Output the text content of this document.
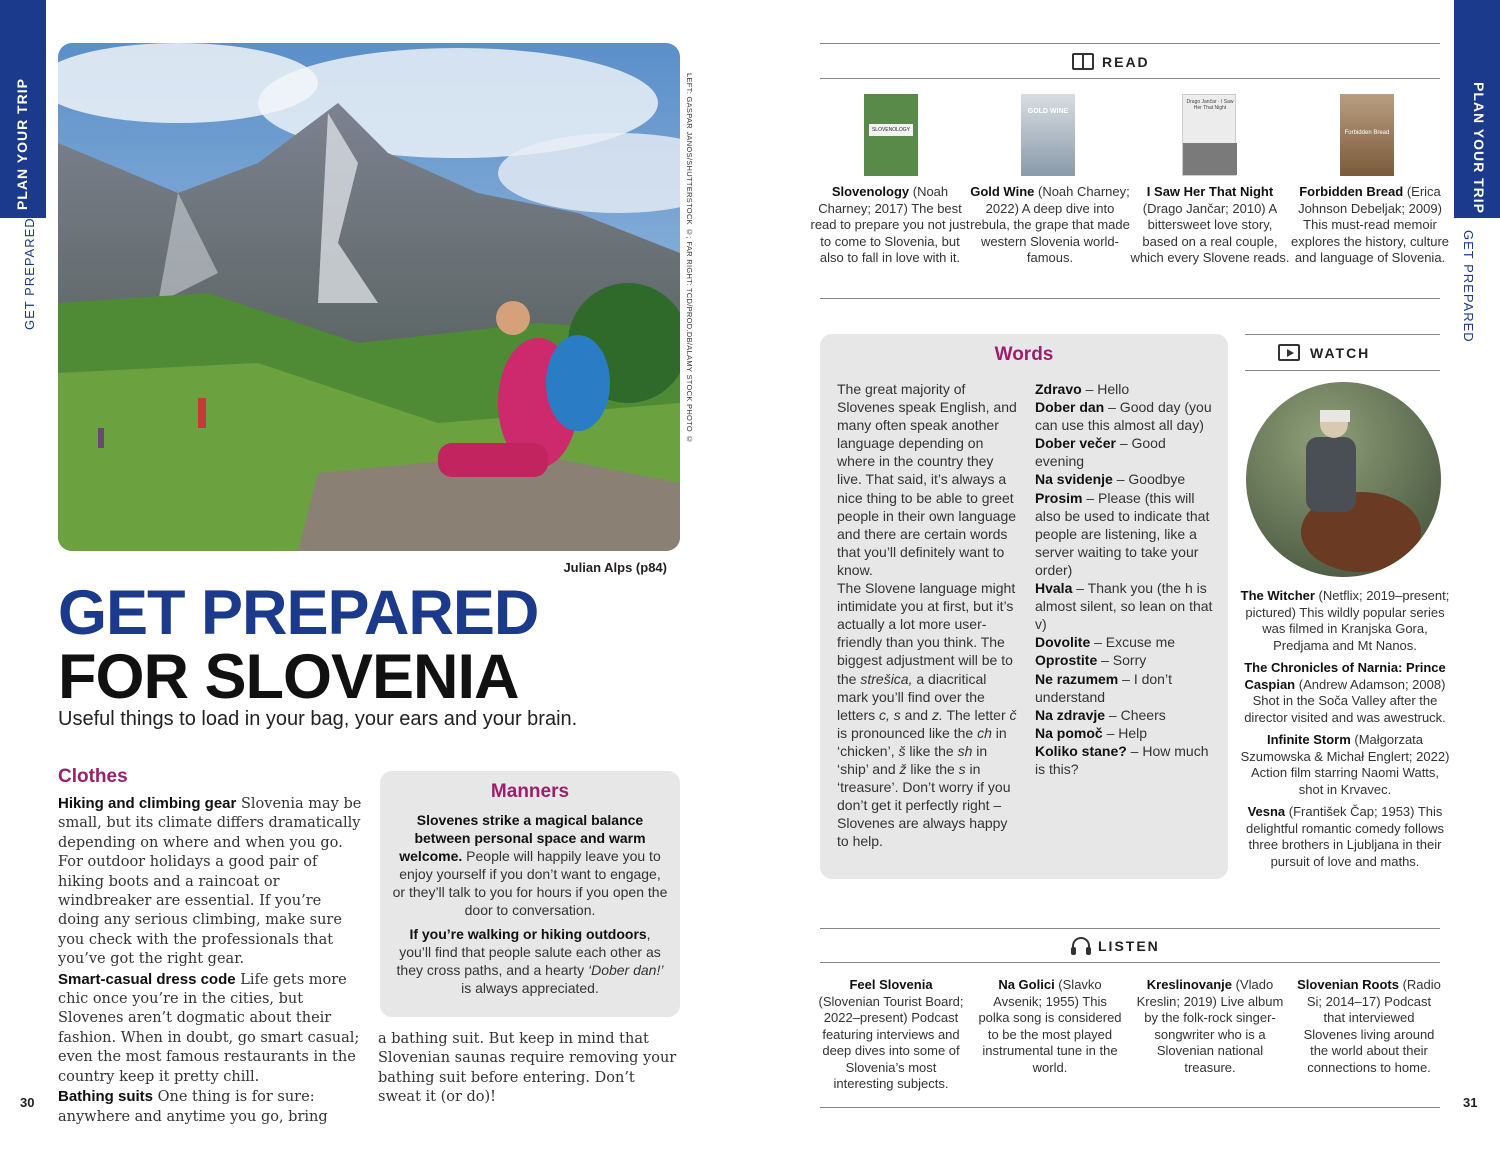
PLAN YOUR TRIP
GET PREPARED
30
PLAN YOUR TRIP
GET PREPARED
31
LEFT: GASPAR JANOS/SHUTTERSTOCK ©; FAR RIGHT: TCD/PROD.DB/ALAMY STOCK PHOTO ©
Julian Alps (p84)
GET PREPARED
FOR SLOVENIA
Useful things to load in your bag, your ears and your brain.
Clothes

Hiking and climbing gear Slovenia may be small, but its climate differs dramatically depending on where and when you go. For outdoor holidays a good pair of hiking boots and a raincoat or windbreaker are essential. If you’re doing any serious climbing, make sure you check with the professionals that you’ve got the right gear.

Smart-casual dress code Life gets more chic once you’re in the cities, but Slovenes aren’t dogmatic about their fashion. When in doubt, go smart casual; even the most famous restaurants in the country keep it pretty chill.

Bathing suits One thing is for sure: anywhere and anytime you go, bring

a bathing suit. But keep in mind that Slovenian saunas require removing your bathing suit before entering. Don’t sweat it (or do)!
Manners

Slovenes strike a magical balance between personal space and warm welcome. People will happily leave you to enjoy yourself if you don’t want to engage, or they’ll talk to you for hours if you open the door to conversation.

If you’re walking or hiking outdoors, you’ll find that people salute each other as they cross paths, and a hearty ‘Dober dan!’ is always appreciated.

READ
SLOVENOLOGY
GOLD WINE
Drago Jančar · I Saw Her That Night
Forbidden Bread
Slovenology (Noah Charney; 2017) The best read to prepare you not just to come to Slovenia, but also to fall in love with it.
Gold Wine (Noah Charney; 2022) A deep dive into rebula, the grape that made western Slovenia world-famous.
I Saw Her That Night (Drago Jančar; 2010) A bittersweet love story, based on a real couple, which every Slovene reads.
Forbidden Bread (Erica Johnson Debeljak; 2009) This must-read memoir explores the history, culture and language of Slovenia.
Words

The great majority of Slovenes speak English, and many often speak another language depending on where in the country they live. That said, it’s always a nice thing to be able to greet people in their own language and there are certain words that you’ll definitely want to know.

The Slovene language might intimidate you at first, but it’s actually a lot more user-friendly than you think. The biggest adjustment will be to the strešica, a diacritical mark you’ll find over the letters c, s and z. The letter č is pronounced like the ch in ‘chicken’, š like the sh in ‘ship’ and ž like the s in ‘treasure’. Don’t worry if you don’t get it perfectly right – Slovenes are always happy to help.

Zdravo – Hello

Dober dan – Good day (you can use this almost all day)

Dober večer – Good evening

Na svidenje – Goodbye

Prosim – Please (this will also be used to indicate that people are listening, like a server waiting to take your order)

Hvala – Thank you (the h is almost silent, so lean on that v)

Dovolite – Excuse me

Oprostite – Sorry

Ne razumem – I don’t understand

Na zdravje – Cheers

Na pomoč – Help

Koliko stane? – How much is this?

WATCH
The Witcher (Netflix; 2019–present; pictured) This wildly popular series was filmed in Kranjska Gora, Predjama and Mt Nanos.
The Chronicles of Narnia: Prince Caspian (Andrew Adamson; 2008) Shot in the Soča Valley after the director visited and was awestruck.
Infinite Storm (Małgorzata Szumowska & Michał Englert; 2022) Action film starring Naomi Watts, shot in Krvavec.
Vesna (František Čap; 1953) This delightful romantic comedy follows three brothers in Ljubljana in their pursuit of love and maths.
LISTEN
Feel Slovenia (Slovenian Tourist Board; 2022–present) Podcast featuring interviews and deep dives into some of Slovenia’s most interesting subjects.
Na Golici (Slavko Avsenik; 1955) This polka song is considered to be the most played instrumental tune in the world.
Kreslinovanje (Vlado Kreslin; 2019) Live album by the folk-rock singer-songwriter who is a Slovenian national treasure.
Slovenian Roots (Radio Si; 2014–17) Podcast that interviewed Slovenes living around the world about their connections to home.
